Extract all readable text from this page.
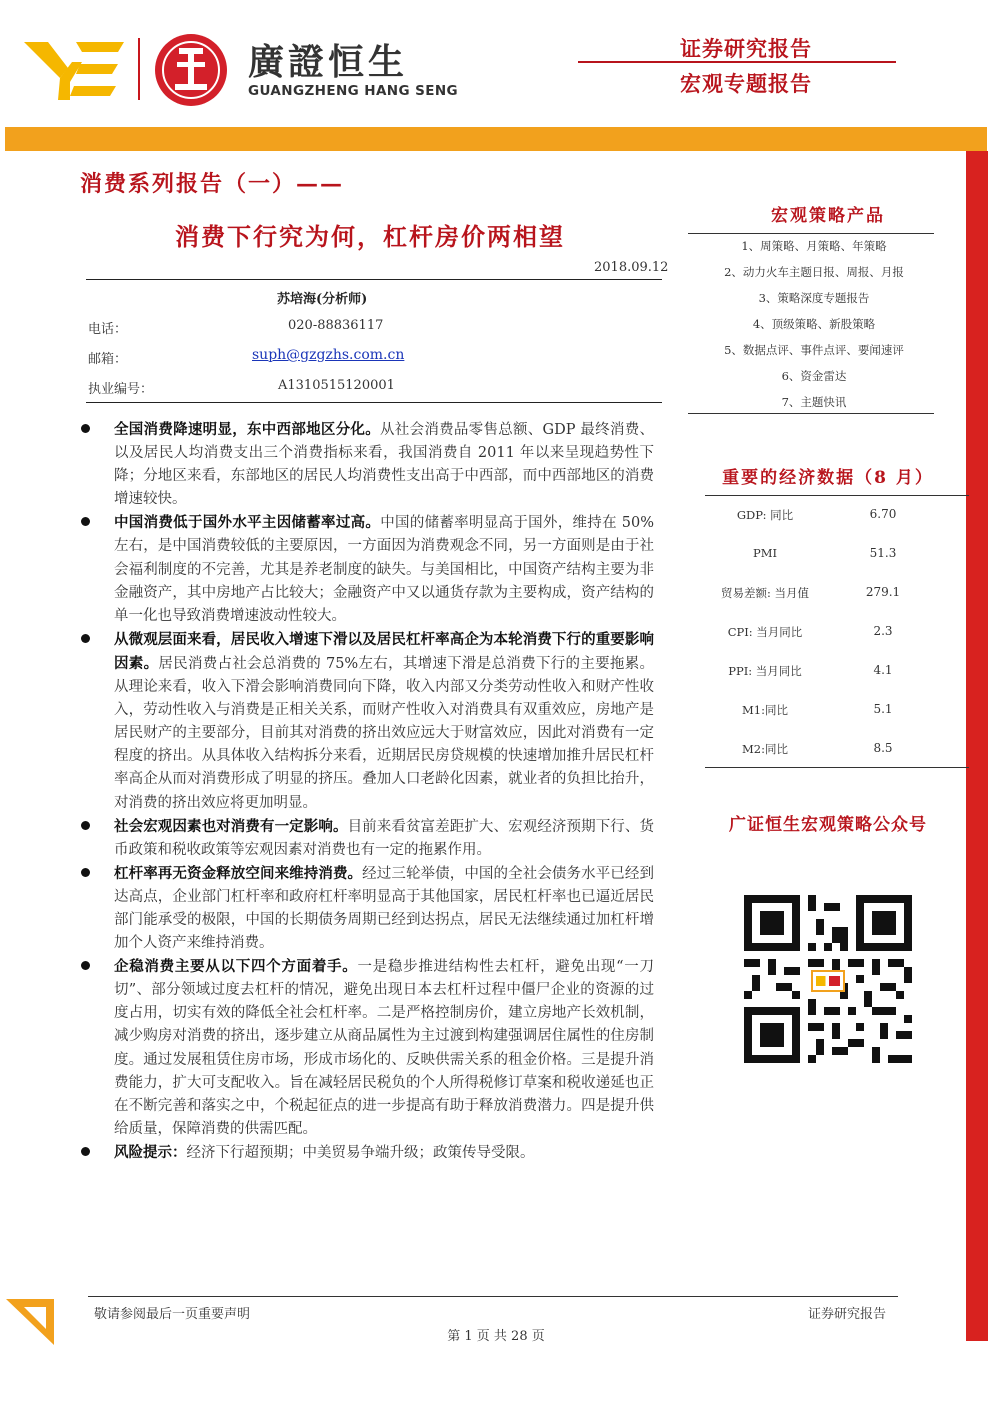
廣證恒生
GUANGZHENG HANG SENG
证券研究报告
宏观专题报告
消费系列报告（一）——
消费下行究为何，杠杆房价两相望
2018.09.12
苏培海(分析师)
电话：	020-88836117
邮箱：	suph@gzgzhs.com.cn
执业编号：	A1310515120001
全国消费降速明显，东中西部地区分化。从社会消费品零售总额、GDP 最终消费、以及居民人均消费支出三个消费指标来看，我国消费自 2011 年以来呈现趋势性下降；分地区来看，东部地区的居民人均消费性支出高于中西部，而中西部地区的消费增速较快。
中国消费低于国外水平主因储蓄率过高。中国的储蓄率明显高于国外，维持在 50%左右，是中国消费较低的主要原因，一方面因为消费观念不同，另一方面则是由于社会福利制度的不完善，尤其是养老制度的缺失。与美国相比，中国资产结构主要为非金融资产，其中房地产占比较大；金融资产中又以通货存款为主要构成，资产结构的单一化也导致消费增速波动性较大。
从微观层面来看，居民收入增速下滑以及居民杠杆率高企为本轮消费下行的重要影响因素。居民消费占社会总消费的 75%左右，其增速下滑是总消费下行的主要拖累。从理论来看，收入下滑会影响消费同向下降，收入内部又分类劳动性收入和财产性收入，劳动性收入与消费是正相关关系，而财产性收入对消费具有双重效应，房地产是居民财产的主要部分，目前其对消费的挤出效应远大于财富效应，因此对消费有一定程度的挤出。从具体收入结构拆分来看，近期居民房贷规模的快速增加推升居民杠杆率高企从而对消费形成了明显的挤压。叠加人口老龄化因素，就业者的负担比抬升，对消费的挤出效应将更加明显。
社会宏观因素也对消费有一定影响。目前来看贫富差距扩大、宏观经济预期下行、货币政策和税收政策等宏观因素对消费也有一定的拖累作用。
杠杆率再无资金释放空间来维持消费。经过三轮举债，中国的全社会债务水平已经到达高点，企业部门杠杆率和政府杠杆率明显高于其他国家，居民杠杆率也已逼近居民部门能承受的极限，中国的长期债务周期已经到达拐点，居民无法继续通过加杠杆增加个人资产来维持消费。
企稳消费主要从以下四个方面着手。一是稳步推进结构性去杠杆，避免出现“一刀切”、部分领域过度去杠杆的情况，避免出现日本去杠杆过程中僵尸企业的资源的过度占用，切实有效的降低全社会杠杆率。二是严格控制房价，建立房地产长效机制，减少购房对消费的挤出，逐步建立从商品属性为主过渡到构建强调居住属性的住房制度。通过发展租赁住房市场，形成市场化的、反映供需关系的租金价格。三是提升消费能力，扩大可支配收入。旨在减轻居民税负的个人所得税修订草案和税收递延也正在不断完善和落实之中，个税起征点的进一步提高有助于释放消费潜力。四是提升供给质量，保障消费的供需匹配。
风险提示：经济下行超预期；中美贸易争端升级；政策传导受限。
宏观策略产品
1、周策略、月策略、年策略
2、动力火车主题日报、周报、月报
3、策略深度专题报告
4、顶级策略、新股策略
5、数据点评、事件点评、要闻速评
6、资金雷达
7、主题快讯
重要的经济数据（8 月）
GDP: 同比	6.70
PMI	51.3
贸易差额: 当月值	279.1
CPI: 当月同比	2.3
PPI: 当月同比	4.1
M1:同比	5.1
M2:同比	8.5
广证恒生宏观策略公众号
敬请参阅最后一页重要声明	证券研究报告
第 1 页 共 28 页
